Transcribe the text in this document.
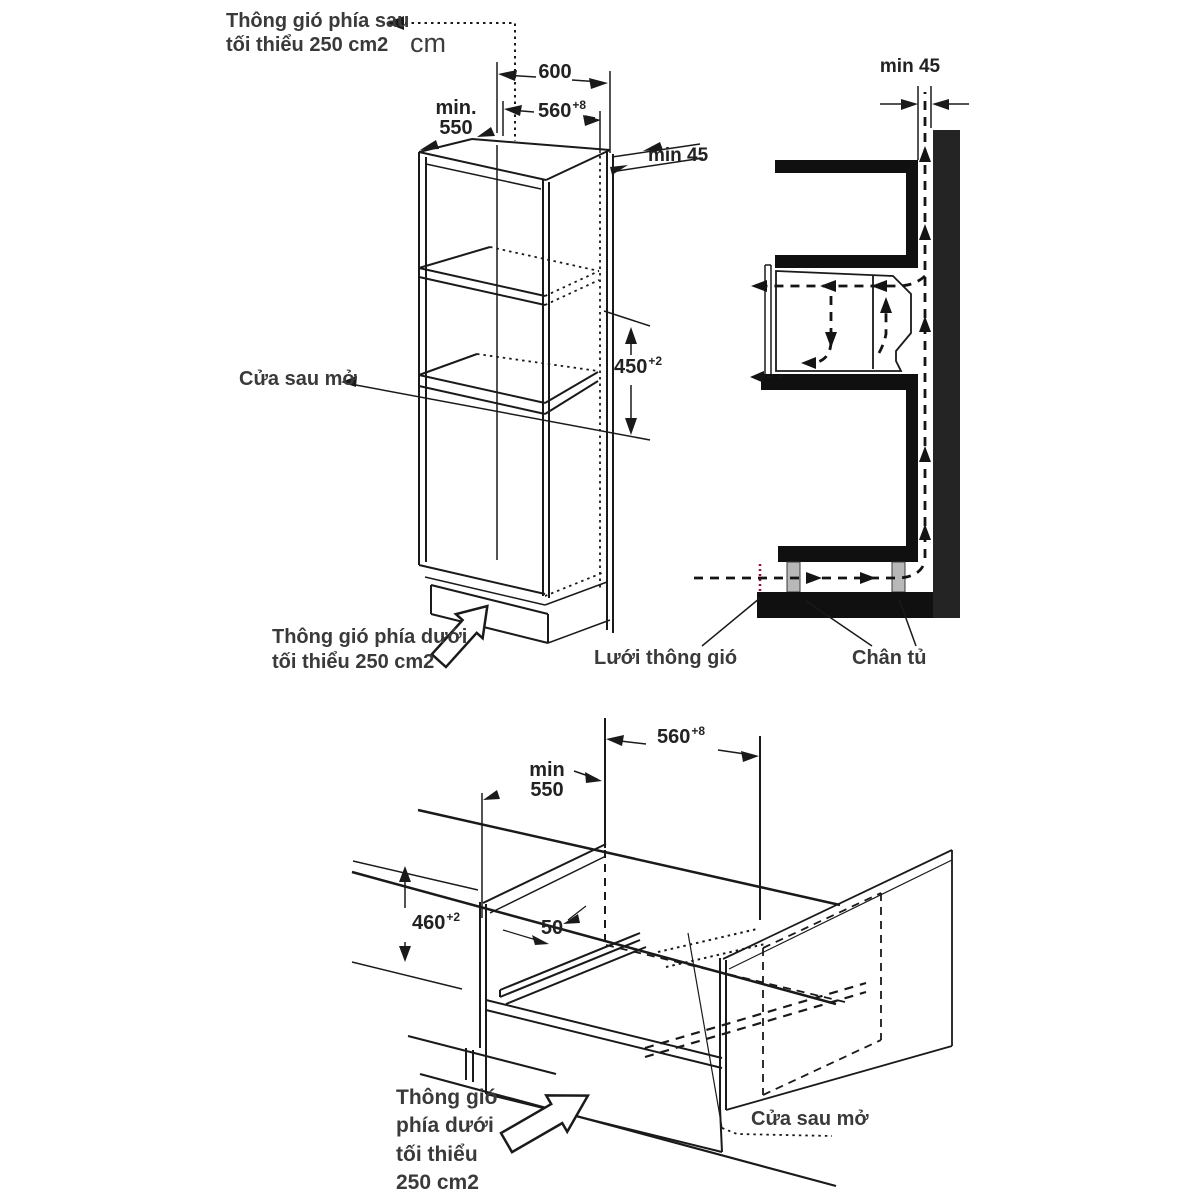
Thông gió phía sau
tối thiểu 250 cm2 cm
600
$560^{+8}$
min.
550
min 45
$450^{+2}$
Cửa sau mở
Thông gió phía dưới
tối thiểu 250 cm2
min 45
Lưới thông gió	Chân tủ
$560^{+8}$
min
550
$460^{+2}$	50
Thông gió
phía dưới
tối thiểu
250 cm2
Cửa sau mở
